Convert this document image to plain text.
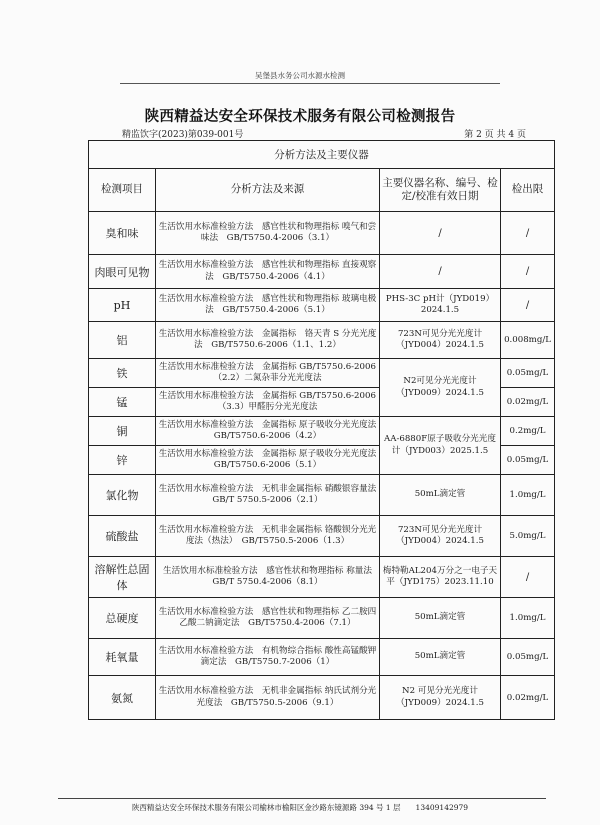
吴堡县水务公司水源水检测
陕西精益达安全环保技术服务有限公司检测报告
精监饮字(2023)第039-001号	第 2 页 共 4 页
分析方法及主要仪器			
检测项目	分析方法及来源	主要仪器名称、编号、检定/校准有效日期	检出限
臭和味	生活饮用水标准检验方法　感官性状和物理指标 嗅气和尝味法　GB/T5750.4-2006（3.1）	/	/
肉眼可见物	生活饮用水标准检验方法　感官性状和物理指标 直接观察法　GB/T5750.4-2006（4.1）	/	/
pH	生活饮用水标准检验方法　感官性状和物理指标 玻璃电极法　GB/T5750.4-2006（5.1）	PHS-3C pH计（JYD019）2024.1.5	/
铝	生活饮用水标准检验方法　金属指标　铬天青 S 分光光度法　GB/T5750.6-2006（1.1、1.2）	723N可见分光光度计（JYD004）2024.1.5	0.008mg/L
铁	生活饮用水标准检验方法　金属指标 GB/T5750.6-2006（2.2）二氮杂菲分光光度法	N2可见分光光度计（JYD009）2024.1.5	0.05mg/L
锰	生活饮用水标准检验方法　金属指标 GB/T5750.6-2006（3.3）甲醛肟分光光度法		0.02mg/L
铜	生活饮用水标准检验方法　金属指标 原子吸收分光光度法　GB/T5750.6-2006（4.2）	AA-6880F原子吸收分光光度计（JYD003）2025.1.5	0.2mg/L
锌	生活饮用水标准检验方法　金属指标 原子吸收分光光度法　GB/T5750.6-2006（5.1）		0.05mg/L
氯化物	生活饮用水标准检验方法　无机非金属指标 硝酸银容量法　GB/T 5750.5-2006（2.1）	50mL滴定管	1.0mg/L
硫酸盐	生活饮用水标准检验方法　无机非金属指标 铬酸钡分光光度法（热法）　GB/T5750.5-2006（1.3）	723N可见分光光度计（JYD004）2024.1.5	5.0mg/L
溶解性总固体	生活饮用水标准检验方法　感官性状和物理指标 称量法　GB/T 5750.4-2006（8.1）	梅特勒AL204万分之一电子天平（JYD175）2023.11.10	/
总硬度	生活饮用水标准检验方法　感官性状和物理指标 乙二胺四乙酸二钠滴定法　GB/T5750.4-2006（7.1）	50mL滴定管	1.0mg/L
耗氧量	生活饮用水标准检验方法　有机物综合指标 酸性高锰酸钾滴定法　GB/T5750.7-2006（1）	50mL滴定管	0.05mg/L
氨氮	生活饮用水标准检验方法　无机非金属指标 纳氏试剂分光光度法　GB/T5750.5-2006（9.1）	N2 可见分光光度计（JYD009）2024.1.5	0.02mg/L
陕西精益达安全环保技术服务有限公司榆林市榆阳区金沙路东镜源路 394 号 1 层　　13409142979
